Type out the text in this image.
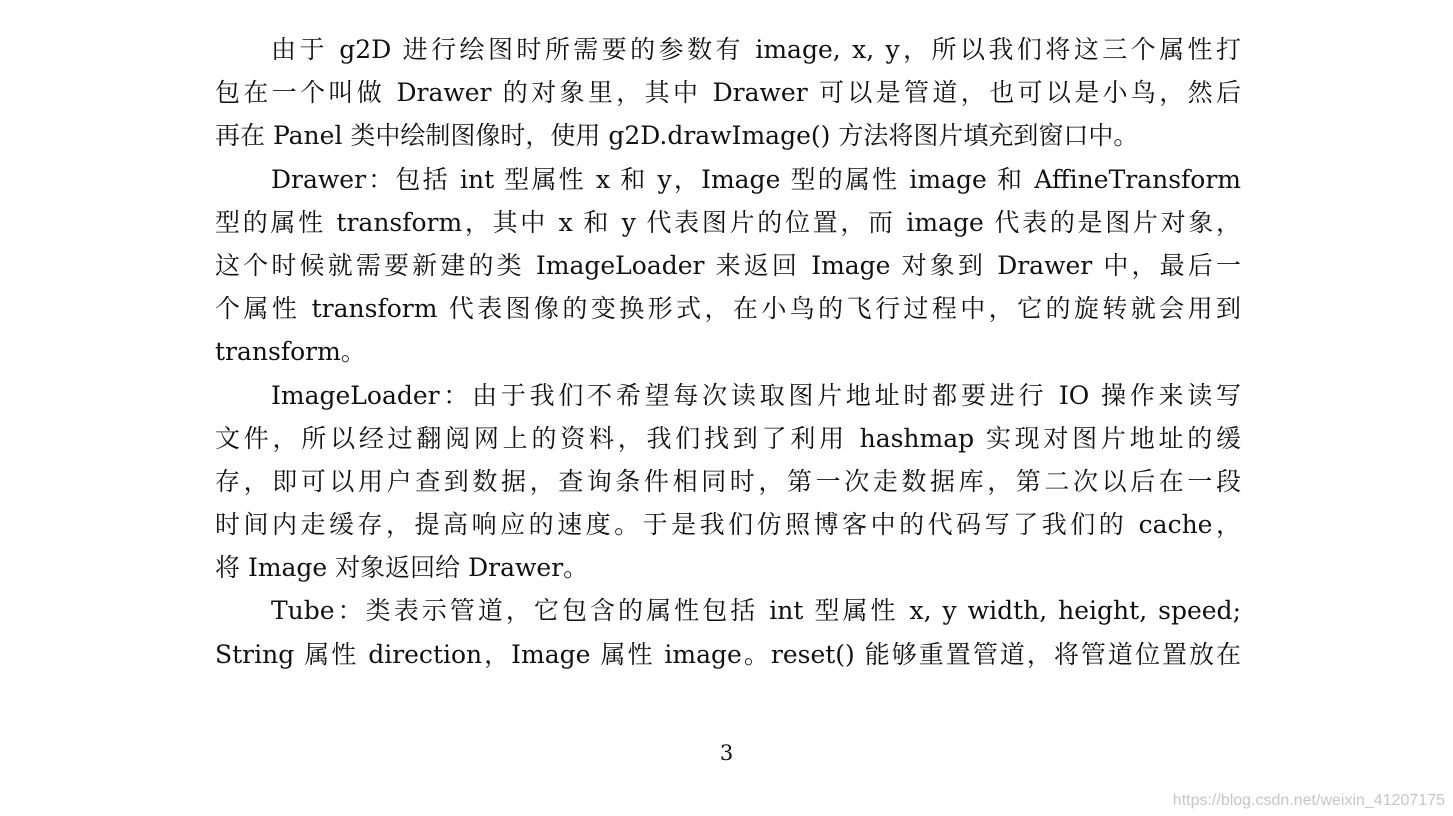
由于 g2D 进行绘图时所需要的参数有 image, x, y，所以我们将这三个属性打
包在一个叫做 Drawer 的对象里，其中 Drawer 可以是管道，也可以是小鸟，然后
再在 Panel 类中绘制图像时，使用 g2D.drawImage() 方法将图片填充到窗口中。
Drawer：包括 int 型属性 x 和 y，Image 型的属性 image 和 AffineTransform
型的属性 transform，其中 x 和 y 代表图片的位置，而 image 代表的是图片对象，
这个时候就需要新建的类 ImageLoader 来返回 Image 对象到 Drawer 中，最后一
个属性 transform 代表图像的变换形式，在小鸟的飞行过程中，它的旋转就会用到
transform。
ImageLoader：由于我们不希望每次读取图片地址时都要进行 IO 操作来读写
文件，所以经过翻阅网上的资料，我们找到了利用 hashmap 实现对图片地址的缓
存，即可以用户查到数据，查询条件相同时，第一次走数据库，第二次以后在一段
时间内走缓存，提高响应的速度。于是我们仿照博客中的代码写了我们的 cache，
将 Image 对象返回给 Drawer。
Tube：类表示管道，它包含的属性包括 int 型属性 x, y width, height, speed;
String 属性 direction，Image 属性 image。reset() 能够重置管道，将管道位置放在
3
https://blog.csdn.net/weixin_41207175
